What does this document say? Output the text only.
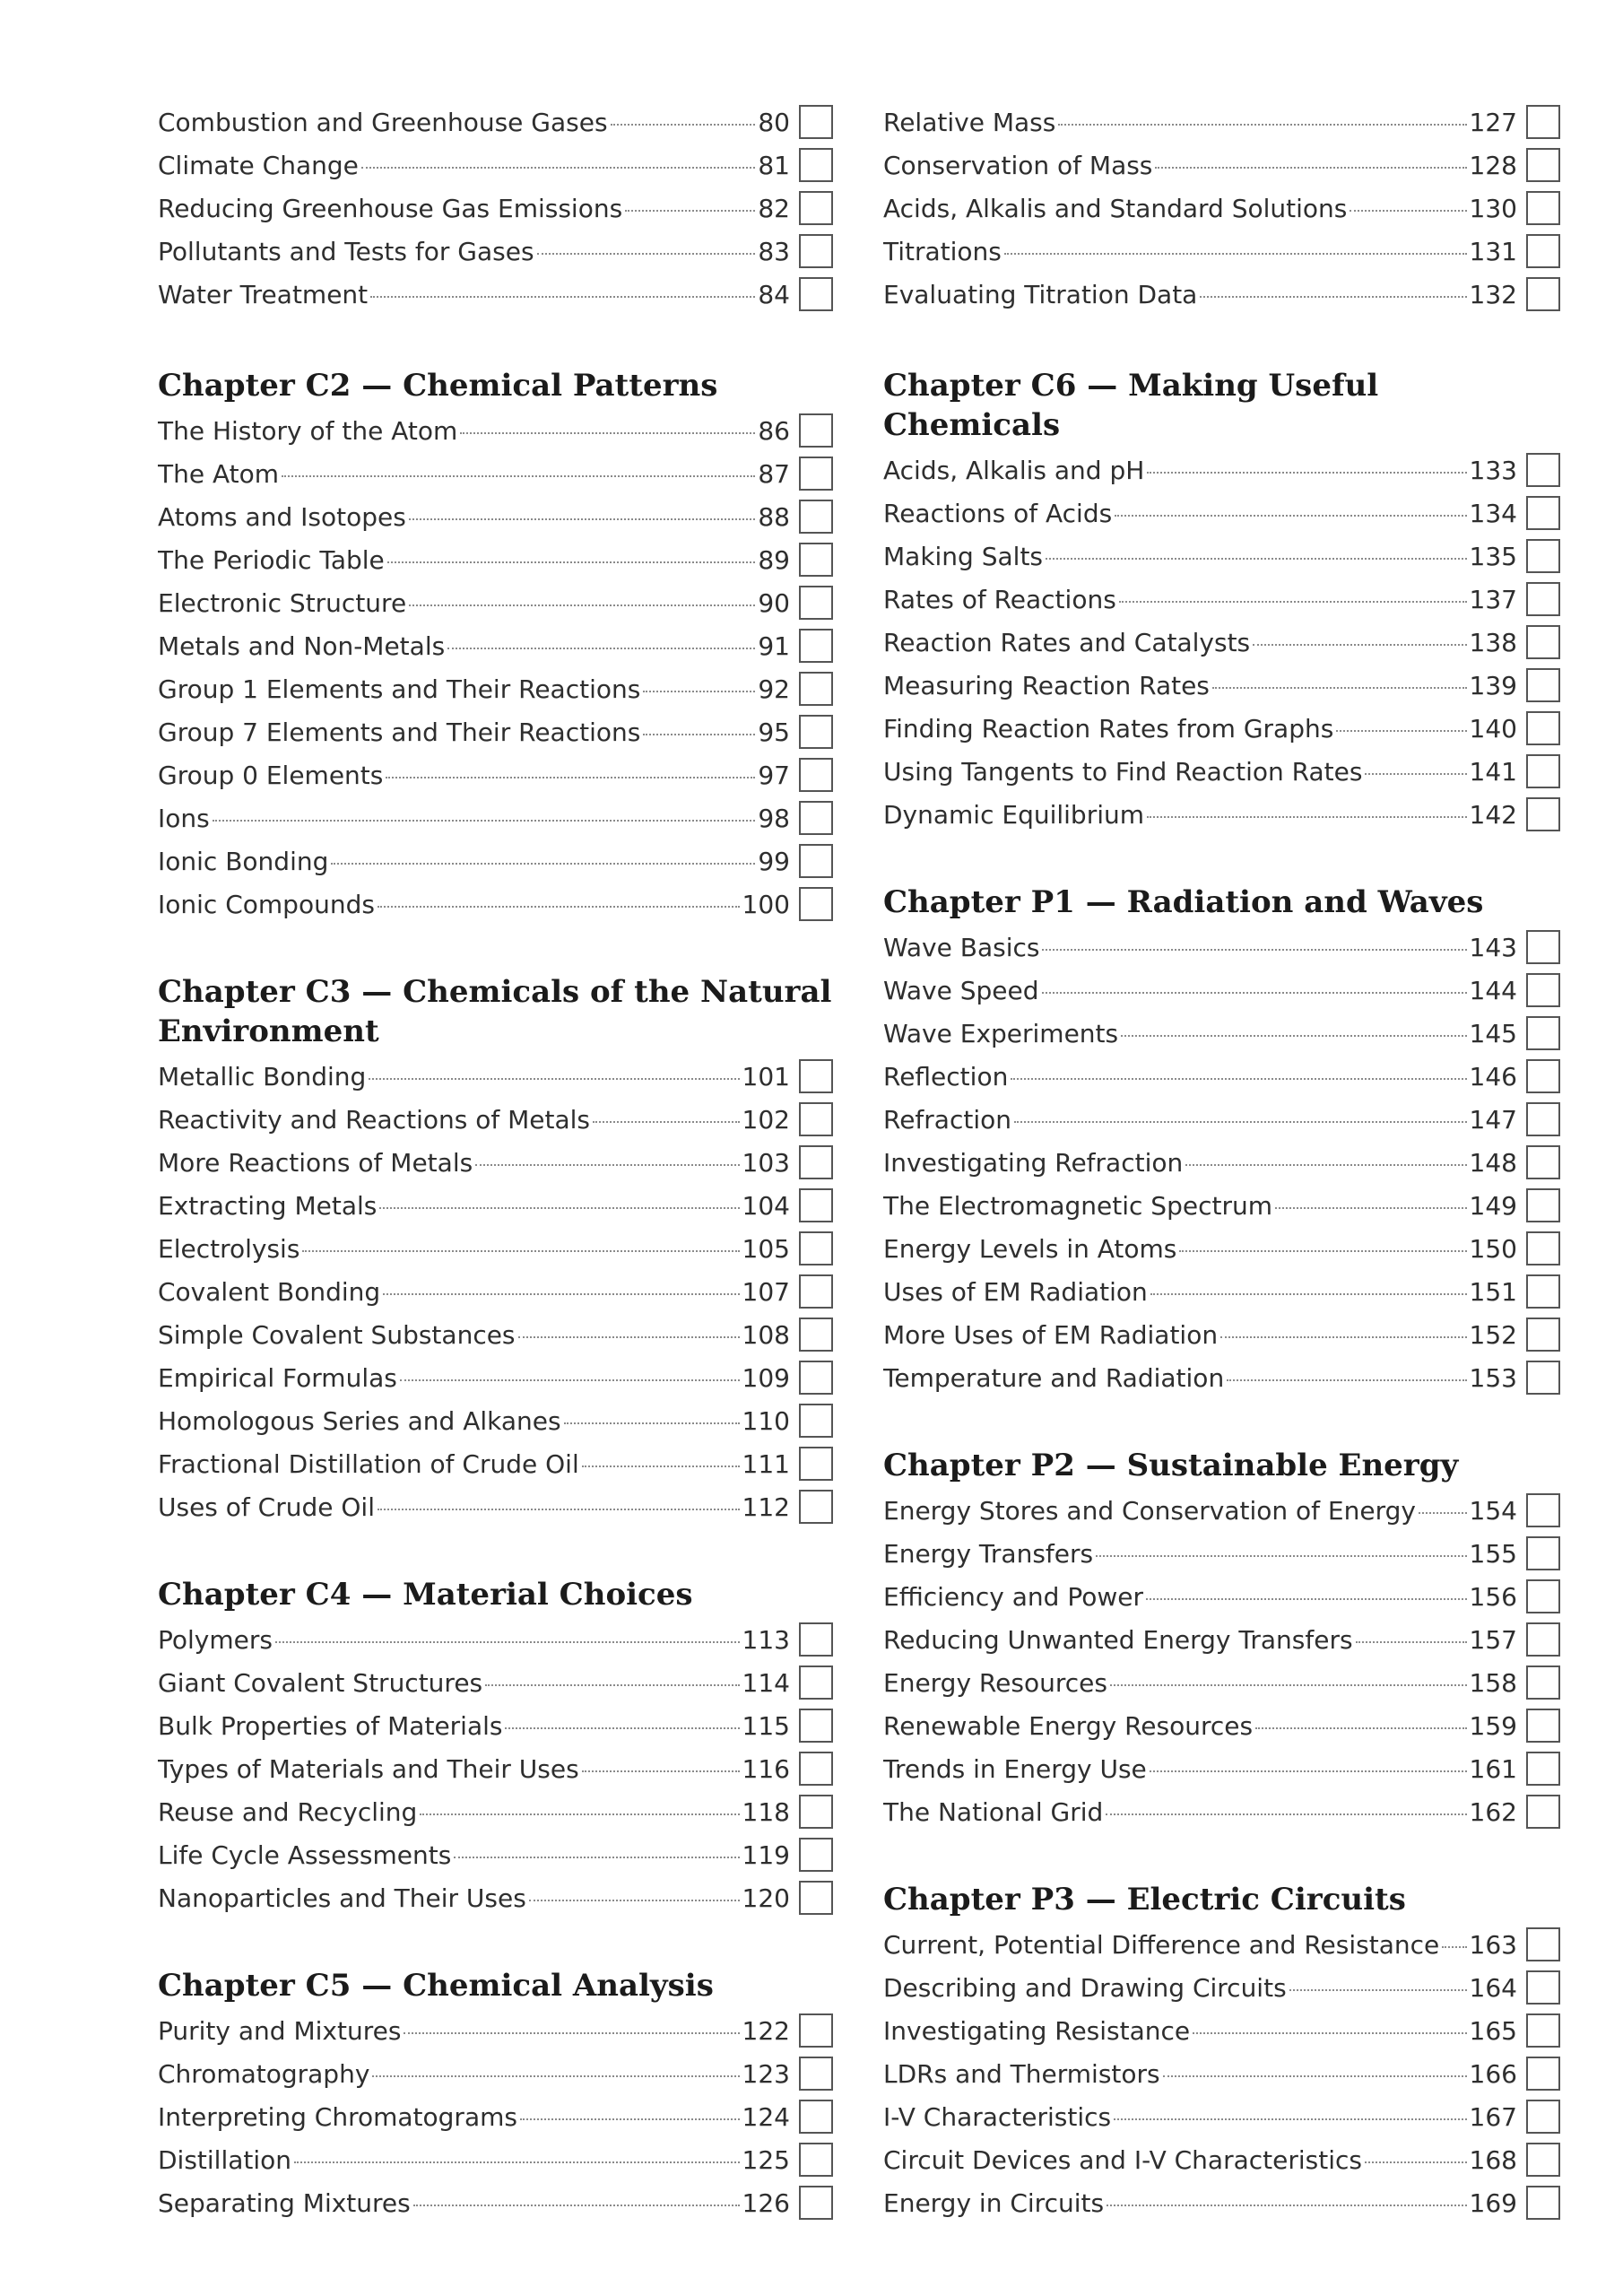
Combustion and Greenhouse Gases	80
Climate Change	81
Reducing Greenhouse Gas Emissions	82
Pollutants and Tests for Gases	83
Water Treatment	84
Chapter C2 — Chemical Patterns
The History of the Atom	86
The Atom	87
Atoms and Isotopes	88
The Periodic Table	89
Electronic Structure	90
Metals and Non-Metals	91
Group 1 Elements and Their Reactions	92
Group 7 Elements and Their Reactions	95
Group 0 Elements	97
Ions	98
Ionic Bonding	99
Ionic Compounds	100
Chapter C3 — Chemicals of the Natural Environment
Metallic Bonding	101
Reactivity and Reactions of Metals	102
More Reactions of Metals	103
Extracting Metals	104
Electrolysis	105
Covalent Bonding	107
Simple Covalent Substances	108
Empirical Formulas	109
Homologous Series and Alkanes	110
Fractional Distillation of Crude Oil	111
Uses of Crude Oil	112
Chapter C4 — Material Choices
Polymers	113
Giant Covalent Structures	114
Bulk Properties of Materials	115
Types of Materials and Their Uses	116
Reuse and Recycling	118
Life Cycle Assessments	119
Nanoparticles and Their Uses	120
Chapter C5 — Chemical Analysis
Purity and Mixtures	122
Chromatography	123
Interpreting Chromatograms	124
Distillation	125
Separating Mixtures	126
Relative Mass	127
Conservation of Mass	128
Acids, Alkalis and Standard Solutions	130
Titrations	131
Evaluating Titration Data	132
Chapter C6 — Making Useful Chemicals
Acids, Alkalis and pH	133
Reactions of Acids	134
Making Salts	135
Rates of Reactions	137
Reaction Rates and Catalysts	138
Measuring Reaction Rates	139
Finding Reaction Rates from Graphs	140
Using Tangents to Find Reaction Rates	141
Dynamic Equilibrium	142
Chapter P1 — Radiation and Waves
Wave Basics	143
Wave Speed	144
Wave Experiments	145
Reflection	146
Refraction	147
Investigating Refraction	148
The Electromagnetic Spectrum	149
Energy Levels in Atoms	150
Uses of EM Radiation	151
More Uses of EM Radiation	152
Temperature and Radiation	153
Chapter P2 — Sustainable Energy
Energy Stores and Conservation of Energy 154
Energy Transfers	155
Efficiency and Power	156
Reducing Unwanted Energy Transfers	157
Energy Resources	158
Renewable Energy Resources	159
Trends in Energy Use	161
The National Grid	162
Chapter P3 — Electric Circuits
Current, Potential Difference and Resistance 163
Describing and Drawing Circuits	164
Investigating Resistance	165
LDRs and Thermistors	166
I-V Characteristics	167
Circuit Devices and I-V Characteristics	168
Energy in Circuits	169
